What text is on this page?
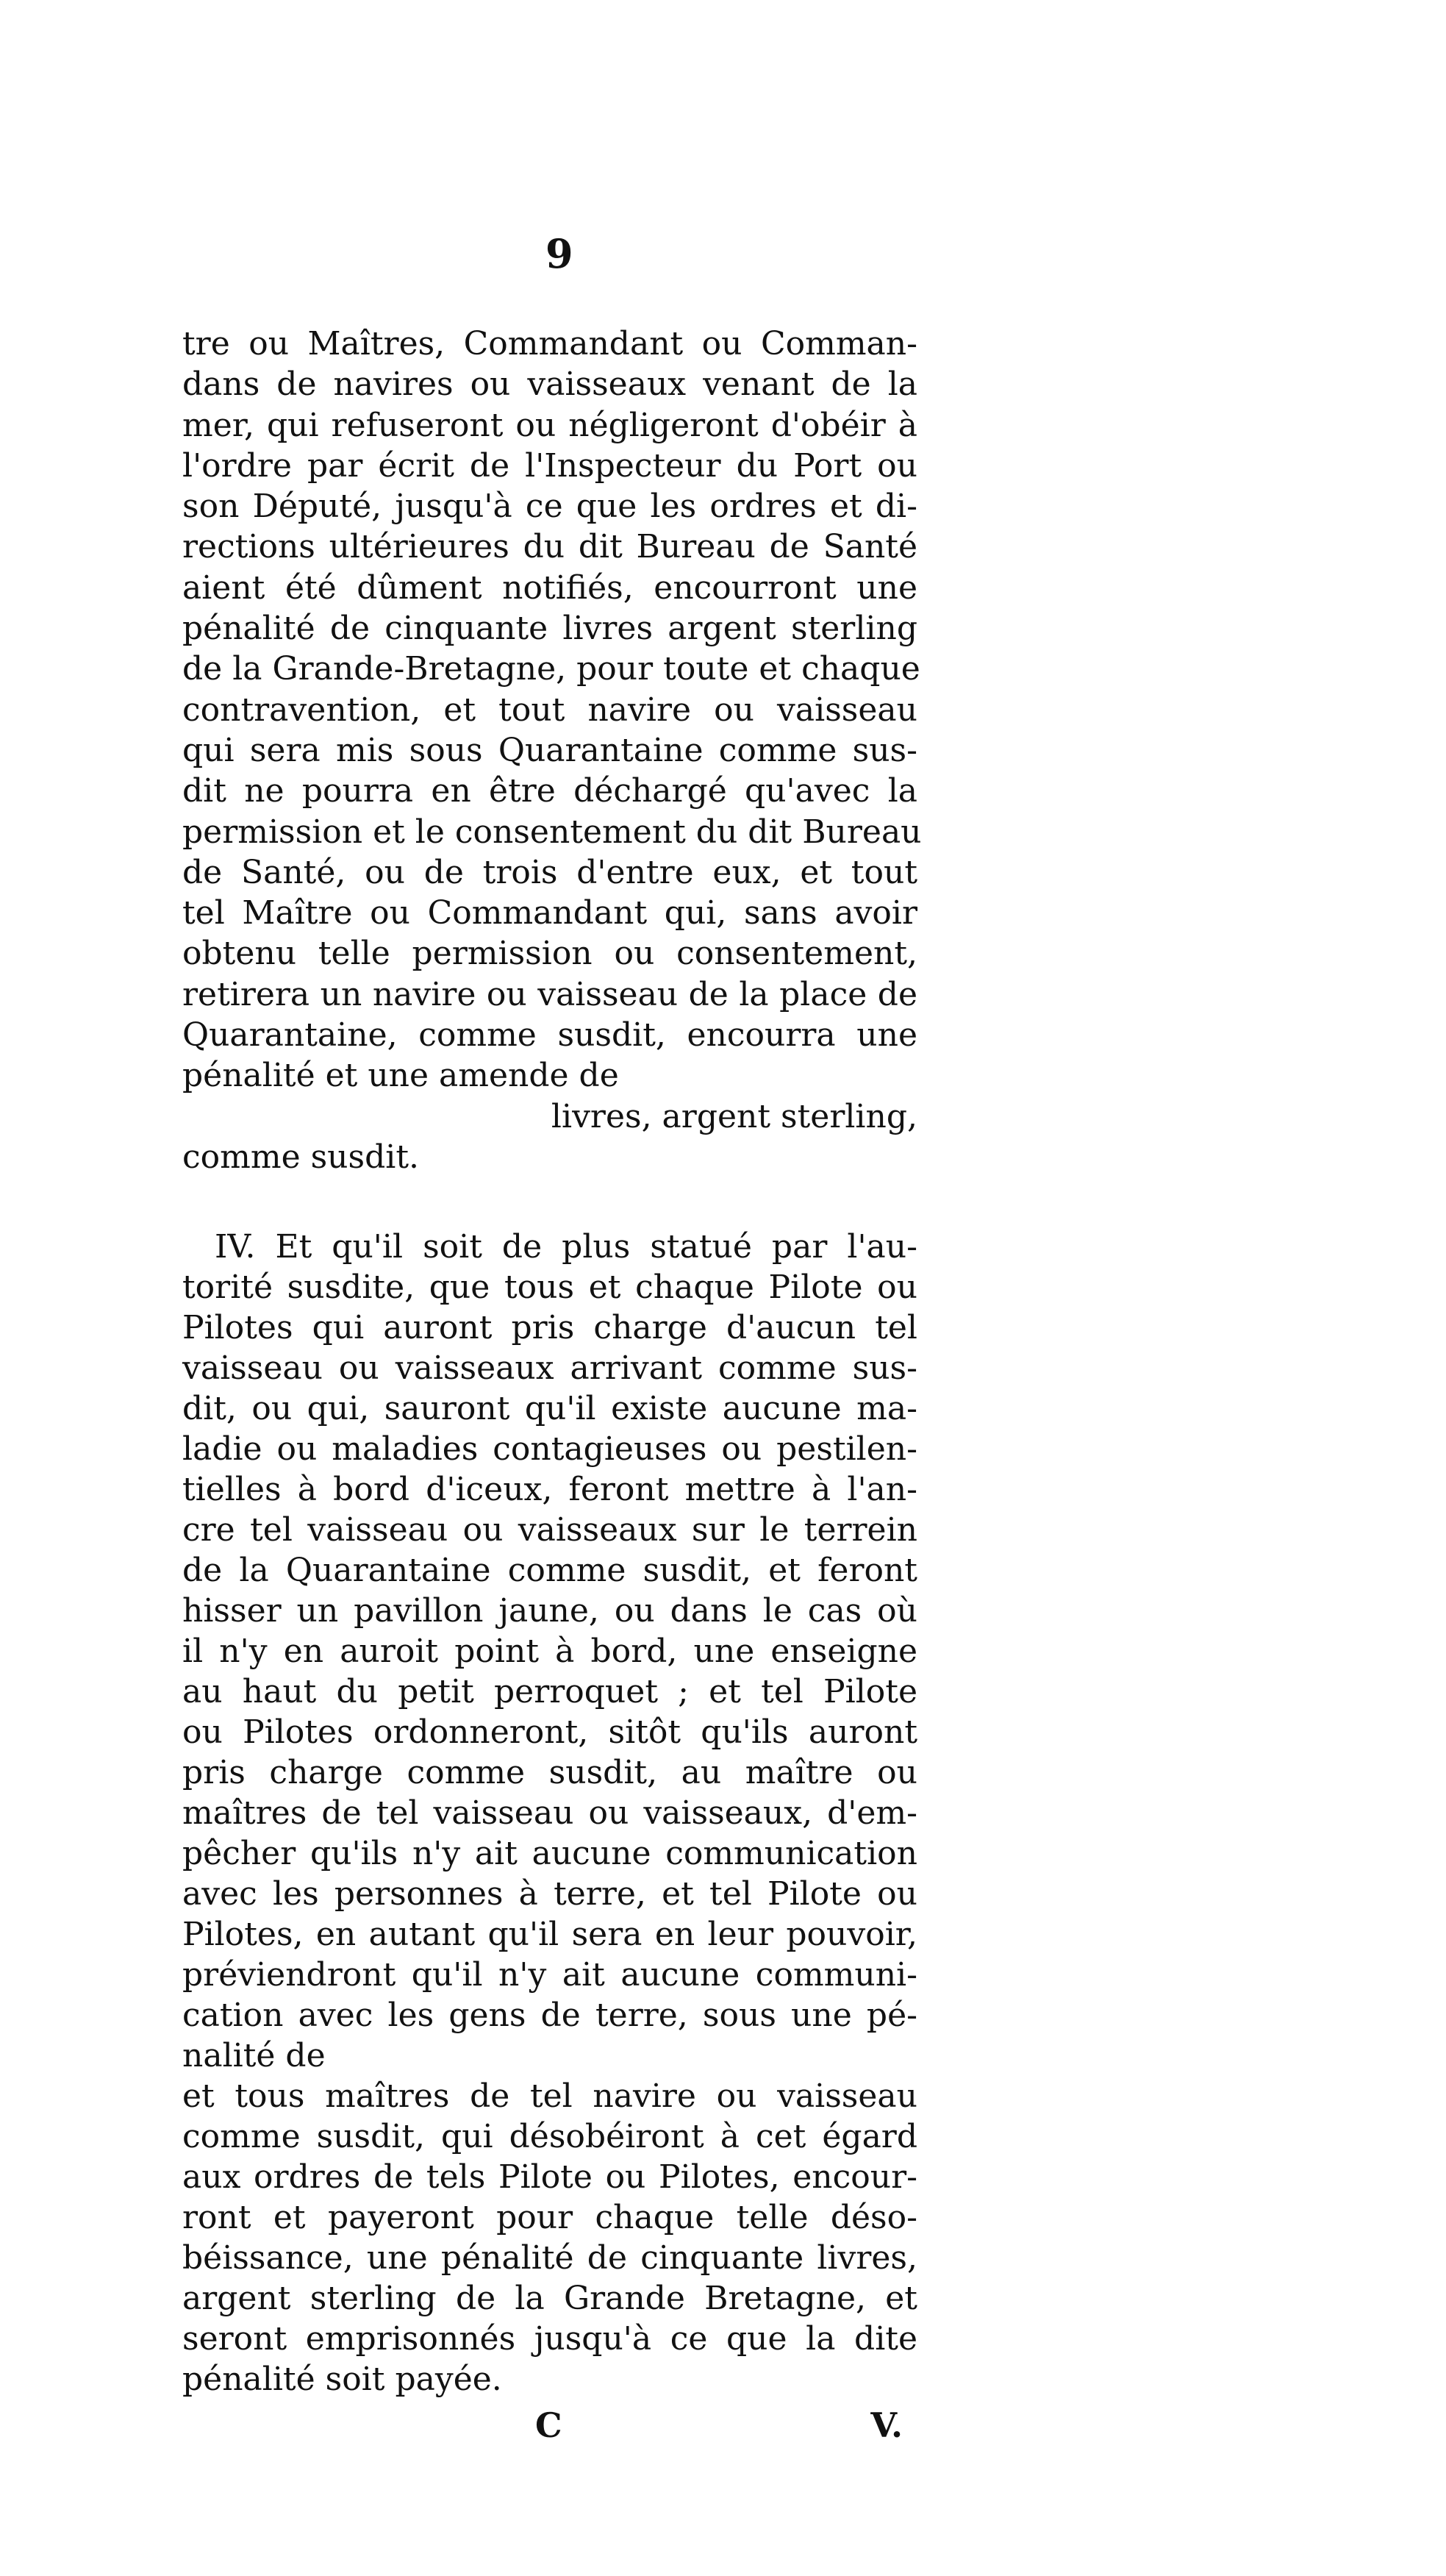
9
tre ou Maîtres, Commandant ou Comman-
dans de navires ou vaisseaux venant de la
mer, qui refuseront ou négligeront d'obéir à
l'ordre par écrit de l'Inspecteur du Port ou
son Député, jusqu'à ce que les ordres et di-
rections ultérieures du dit Bureau de Santé
aient été dûment notifiés, encourront une
pénalité de cinquante livres argent sterling
de la Grande-Bretagne, pour toute et chaque
contravention, et tout navire ou vaisseau
qui sera mis sous Quarantaine comme sus-
dit ne pourra en être déchargé qu'avec la
permission et le consentement du dit Bureau
de Santé, ou de trois d'entre eux, et tout
tel Maître ou Commandant qui, sans avoir
obtenu telle permission ou consentement,
retirera un navire ou vaisseau de la place de
Quarantaine, comme susdit, encourra une
pénalité et une amende de
livres, argent sterling,
comme susdit.
IV. Et qu'il soit de plus statué par l'au-
torité susdite, que tous et chaque Pilote ou
Pilotes qui auront pris charge d'aucun tel
vaisseau ou vaisseaux arrivant comme sus-
dit, ou qui, sauront qu'il existe aucune ma-
ladie ou maladies contagieuses ou pestilen-
tielles à bord d'iceux, feront mettre à l'an-
cre tel vaisseau ou vaisseaux sur le terrein
de la Quarantaine comme susdit, et feront
hisser un pavillon jaune, ou dans le cas où
il n'y en auroit point à bord, une enseigne
au haut du petit perroquet ; et tel Pilote
ou Pilotes ordonneront, sitôt qu'ils auront
pris charge comme susdit, au maître ou
maîtres de tel vaisseau ou vaisseaux, d'em-
pêcher qu'ils n'y ait aucune communication
avec les personnes à terre, et tel Pilote ou
Pilotes, en autant qu'il sera en leur pouvoir,
préviendront qu'il n'y ait aucune communi-
cation avec les gens de terre, sous une pé-
nalité de
et tous maîtres de tel navire ou vaisseau
comme susdit, qui désobéiront à cet égard
aux ordres de tels Pilote ou Pilotes, encour-
ront et payeront pour chaque telle déso-
béissance, une pénalité de cinquante livres,
argent sterling de la Grande Bretagne, et
seront emprisonnés jusqu'à ce que la dite
pénalité soit payée.
C	V.
